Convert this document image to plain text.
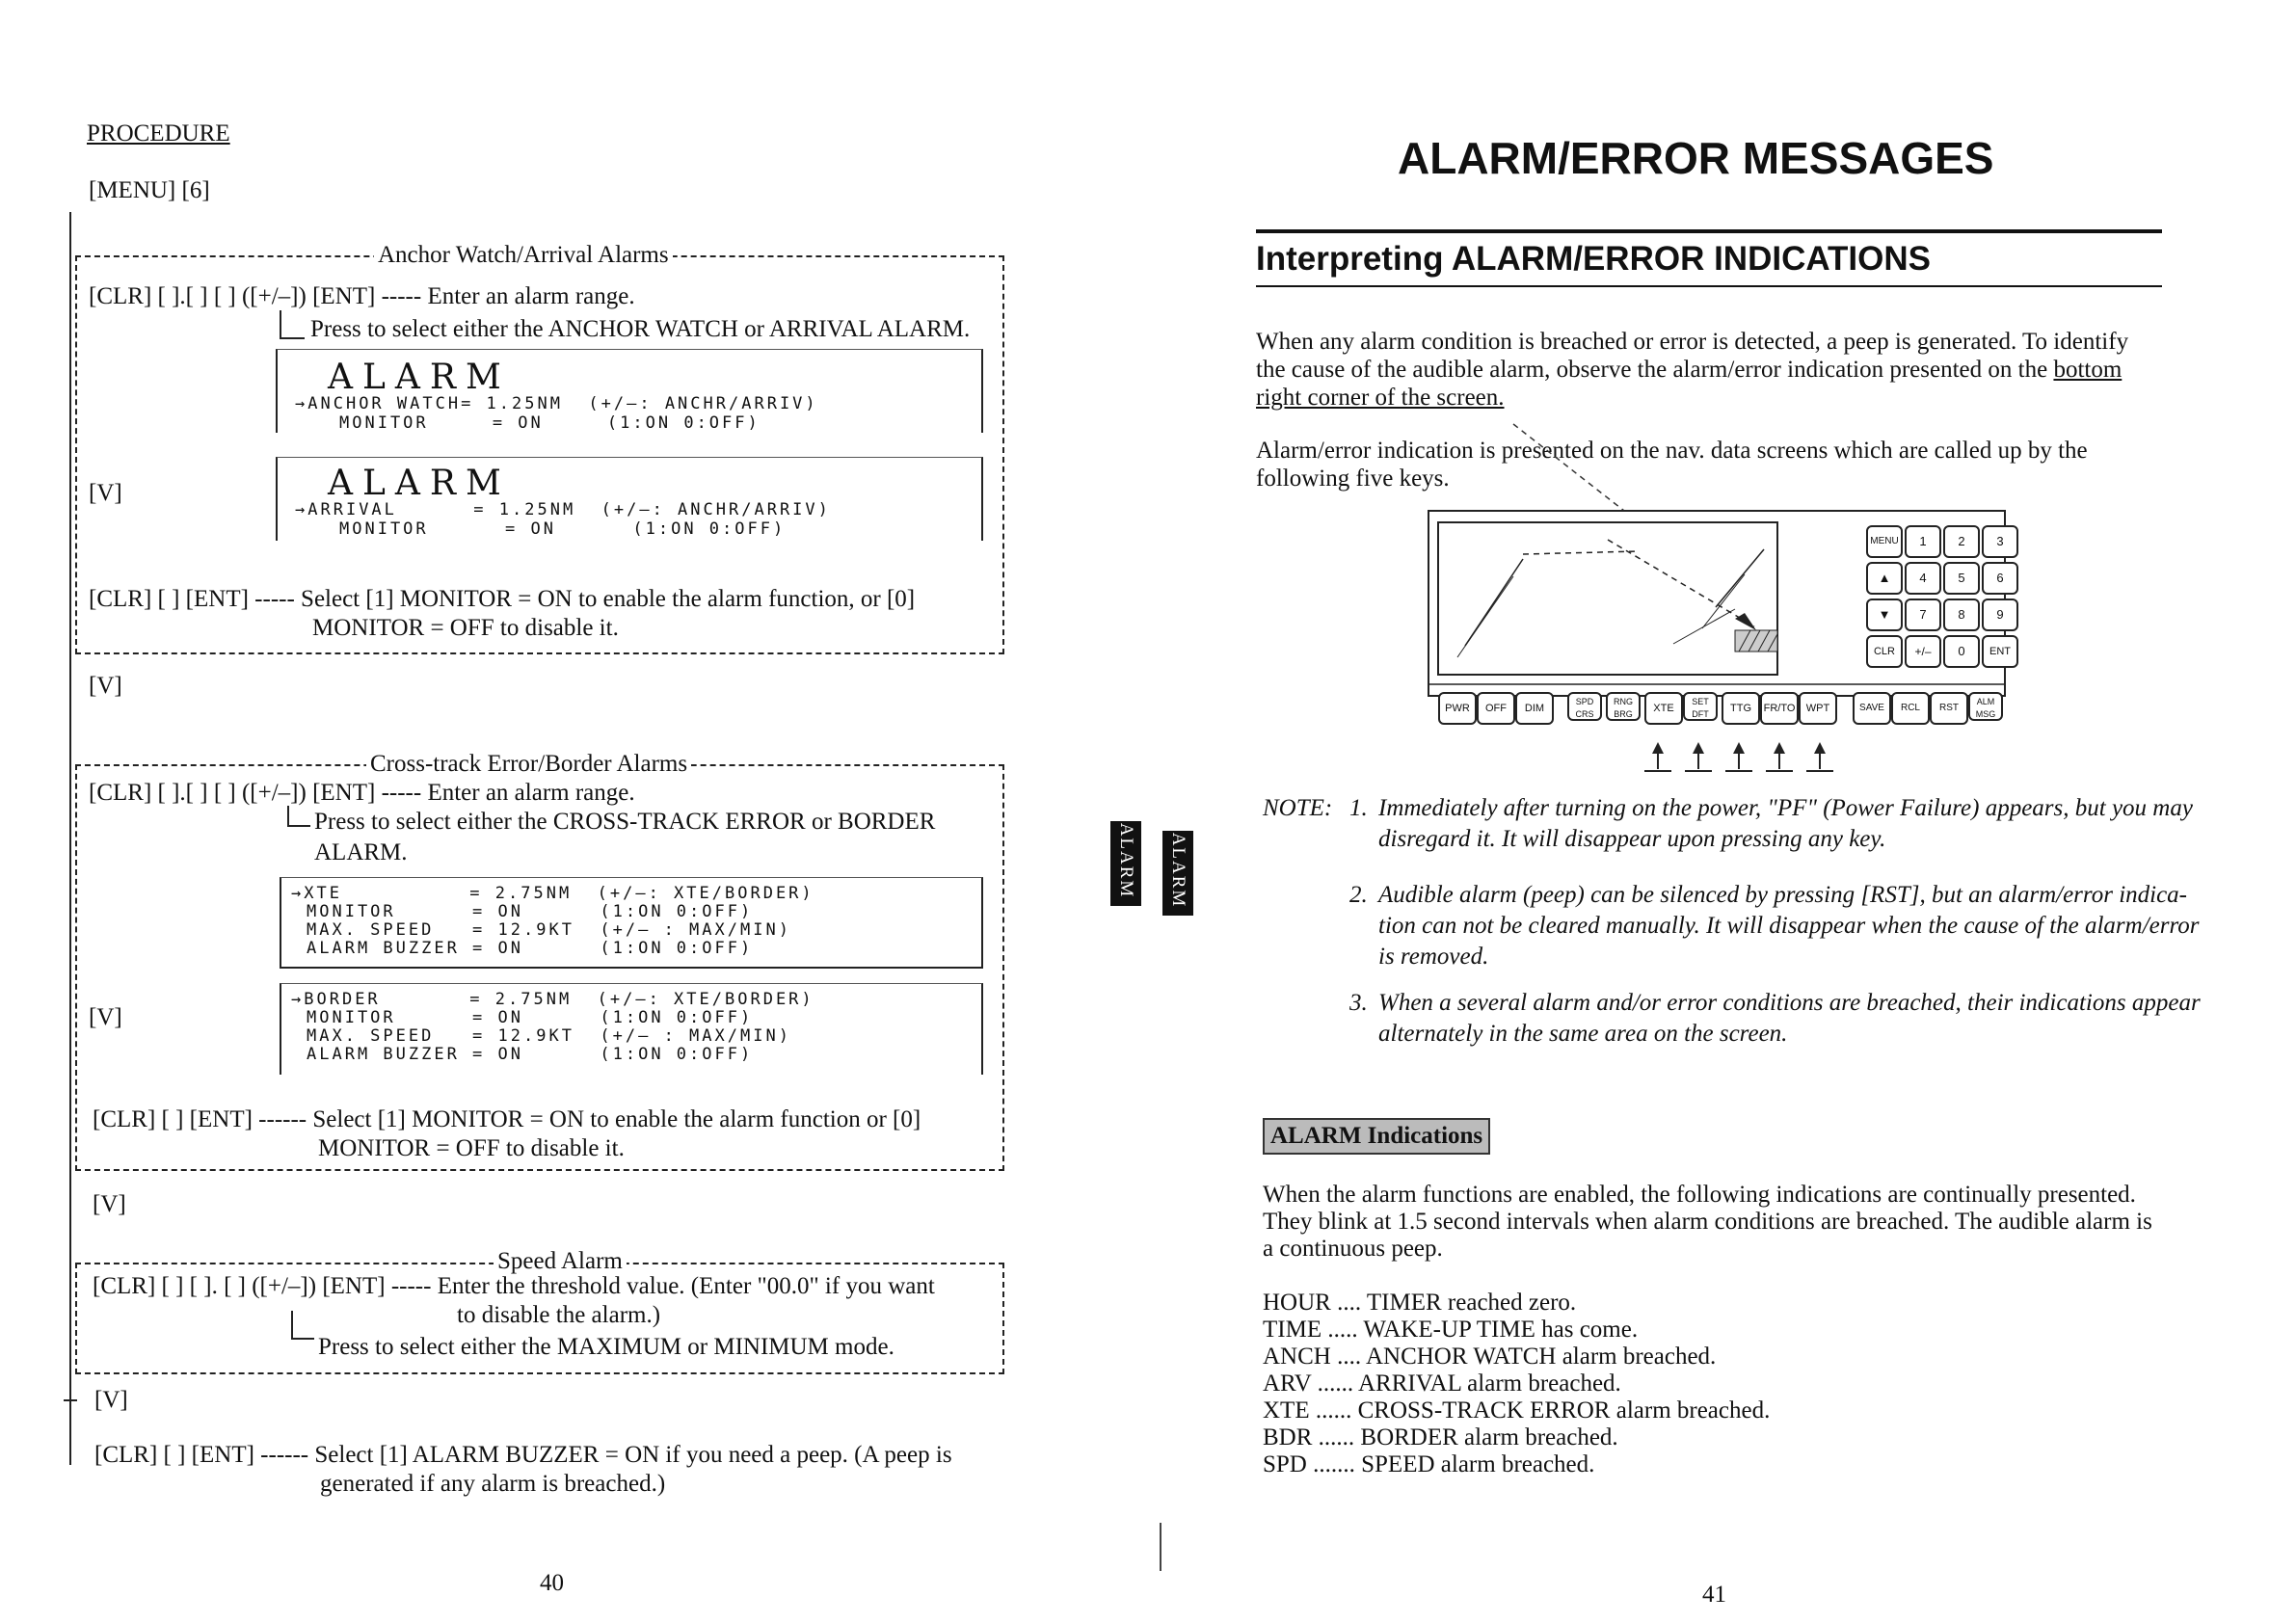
PROCEDURE
[MENU] [6]
Anchor Watch/Arrival Alarms
[CLR] [ ].[ ] [ ] ([+/–]) [ENT] ----- Enter an alarm range.
Press to select either the ANCHOR WATCH or ARRIVAL ALARM.
ALARM
→ANCHOR WATCH= 1.25NM  (+/–: ANCHR/ARRIV)
MONITOR     = ON     (1:ON 0:OFF)
[V]	ALARM
→ARRIVAL      = 1.25NM  (+/–: ANCHR/ARRIV)
MONITOR      = ON      (1:ON 0:OFF)
[CLR] [ ] [ENT] ----- Select [1] MONITOR = ON to enable the alarm function, or [0]
MONITOR = OFF to disable it.
[V]
Cross-track Error/Border Alarms
[CLR] [ ].[ ] [ ] ([+/–]) [ENT] ----- Enter an alarm range.
Press to select either the CROSS-TRACK ERROR or BORDER
ALARM.
→XTE          = 2.75NM  (+/–: XTE/BORDER)
MONITOR      = ON      (1:ON 0:OFF)
MAX. SPEED   = 12.9KT  (+/– : MAX/MIN)
ALARM BUZZER = ON      (1:ON 0:OFF)
[V]
→BORDER       = 2.75NM  (+/–: XTE/BORDER)
MONITOR      = ON      (1:ON 0:OFF)
MAX. SPEED   = 12.9KT  (+/– : MAX/MIN)
ALARM BUZZER = ON      (1:ON 0:OFF)
[CLR] [ ] [ENT] ------ Select [1] MONITOR = ON to enable the alarm function or [0]
MONITOR = OFF to disable it.
[V]
Speed Alarm
[CLR] [ ] [ ]. [ ] ([+/–]) [ENT] ----- Enter the threshold value. (Enter "00.0" if you want
to disable the alarm.)
Press to select either the MAXIMUM or MINIMUM mode.
[V]
[CLR] [ ] [ENT] ------ Select [1] ALARM BUZZER = ON if you need a peep. (A peep is
generated if any alarm is breached.)
40
ALARM ALARM
ALARM/ERROR MESSAGES
Interpreting ALARM/ERROR INDICATIONS
When any alarm condition is breached or error is detected, a peep is generated. To identify
the cause of the audible alarm, observe the alarm/error indication presented on the bottom
right corner of the screen.
Alarm/error indication is presented on the nav. data screens which are called up by the
following five keys.
MENU	1	2	3
▲	4	5	6
▼	7	8	9
CLR	+/–	0	ENT
PWR	OFF	DIM
SPD CRS
RNG BRG	XTE
SET DFT	TTG	FR/TO	WPT	SAVE	RCL	RST
ALM MSG
NOTE: 1. Immediately after turning on the power, "PF" (Power Failure) appears, but you may
disregard it. It will disappear upon pressing any key.
2. Audible alarm (peep) can be silenced by pressing [RST], but an alarm/error indica-
tion can not be cleared manually. It will disappear when the cause of the alarm/error
is removed.
3. When a several alarm and/or error conditions are breached, their indications appear
alternately in the same area on the screen.
ALARM Indications
When the alarm functions are enabled, the following indications are continually presented.
They blink at 1.5 second intervals when alarm conditions are breached. The audible alarm is
a continuous peep.
HOUR .... TIMER reached zero.
TIME ..... WAKE-UP TIME has come.
ANCH .... ANCHOR WATCH alarm breached.
ARV ...... ARRIVAL alarm breached.
XTE ...... CROSS-TRACK ERROR alarm breached.
BDR ...... BORDER alarm breached.
SPD ....... SPEED alarm breached.
41
